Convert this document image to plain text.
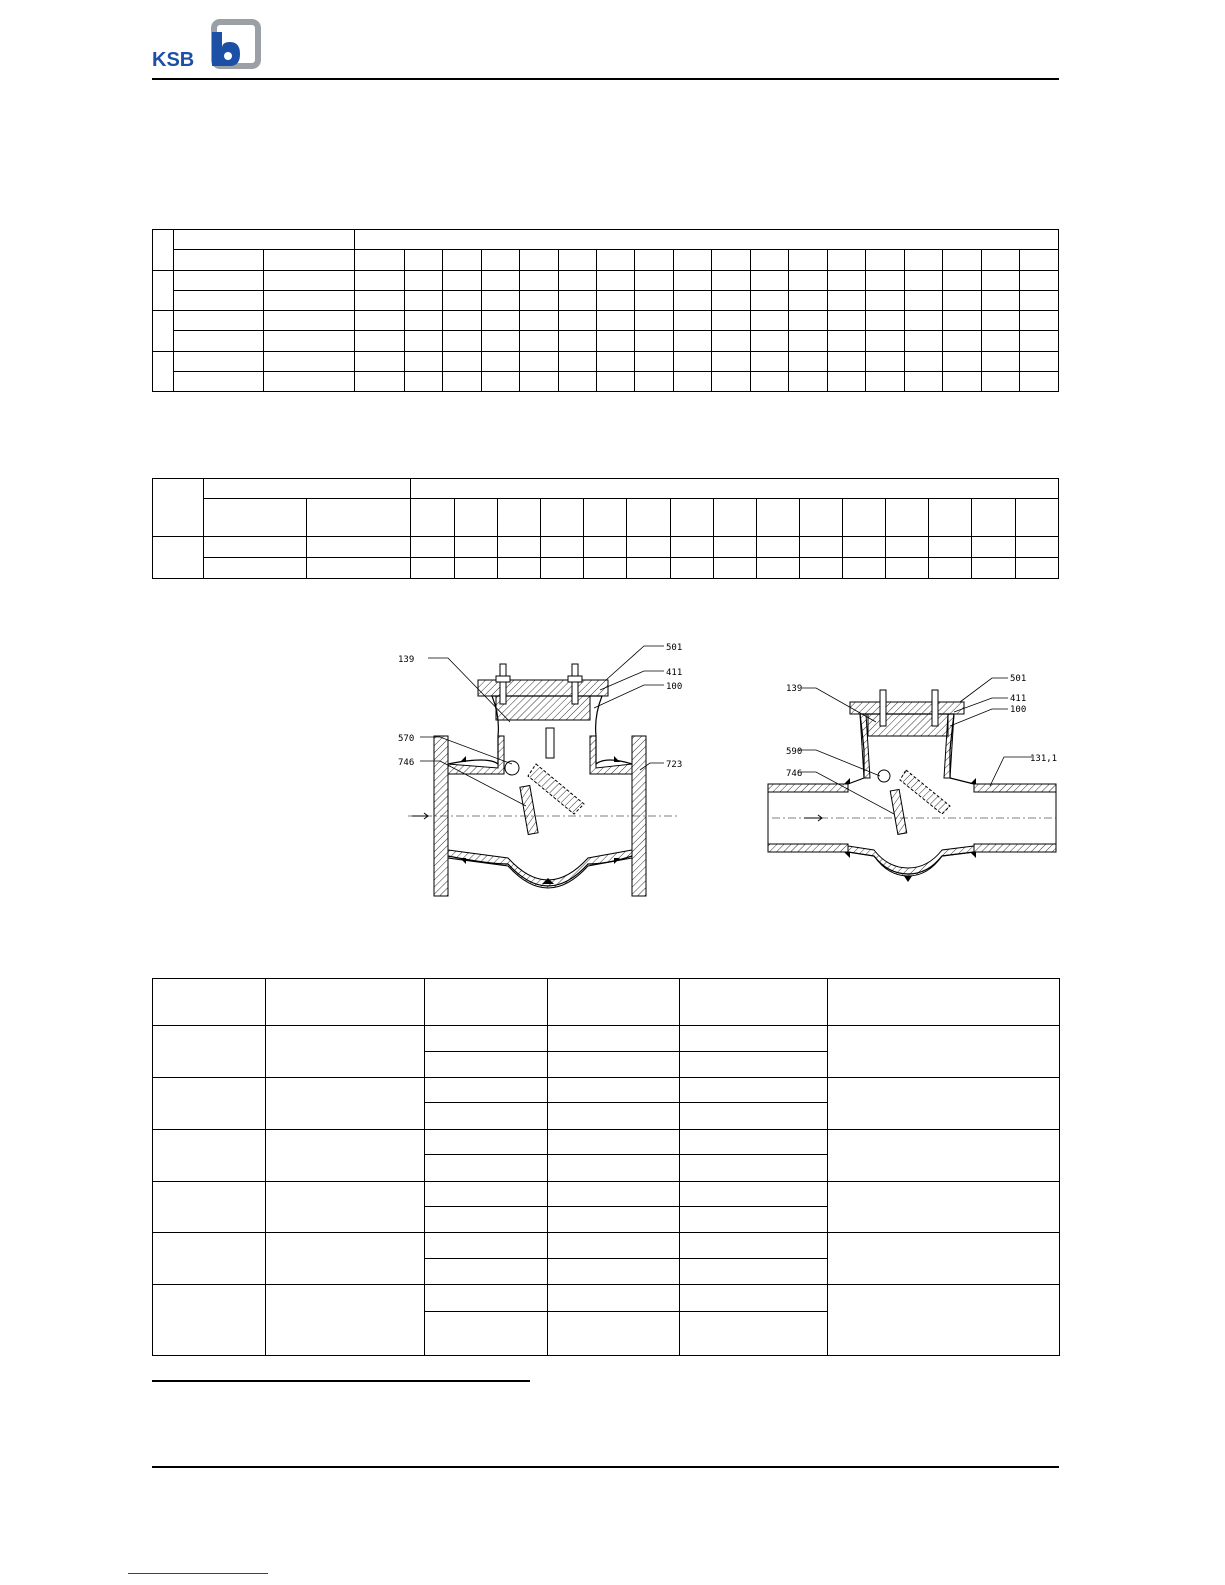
KSB

139
570
746
501
411
100
723
139
590
746
501
411
100
131,1
